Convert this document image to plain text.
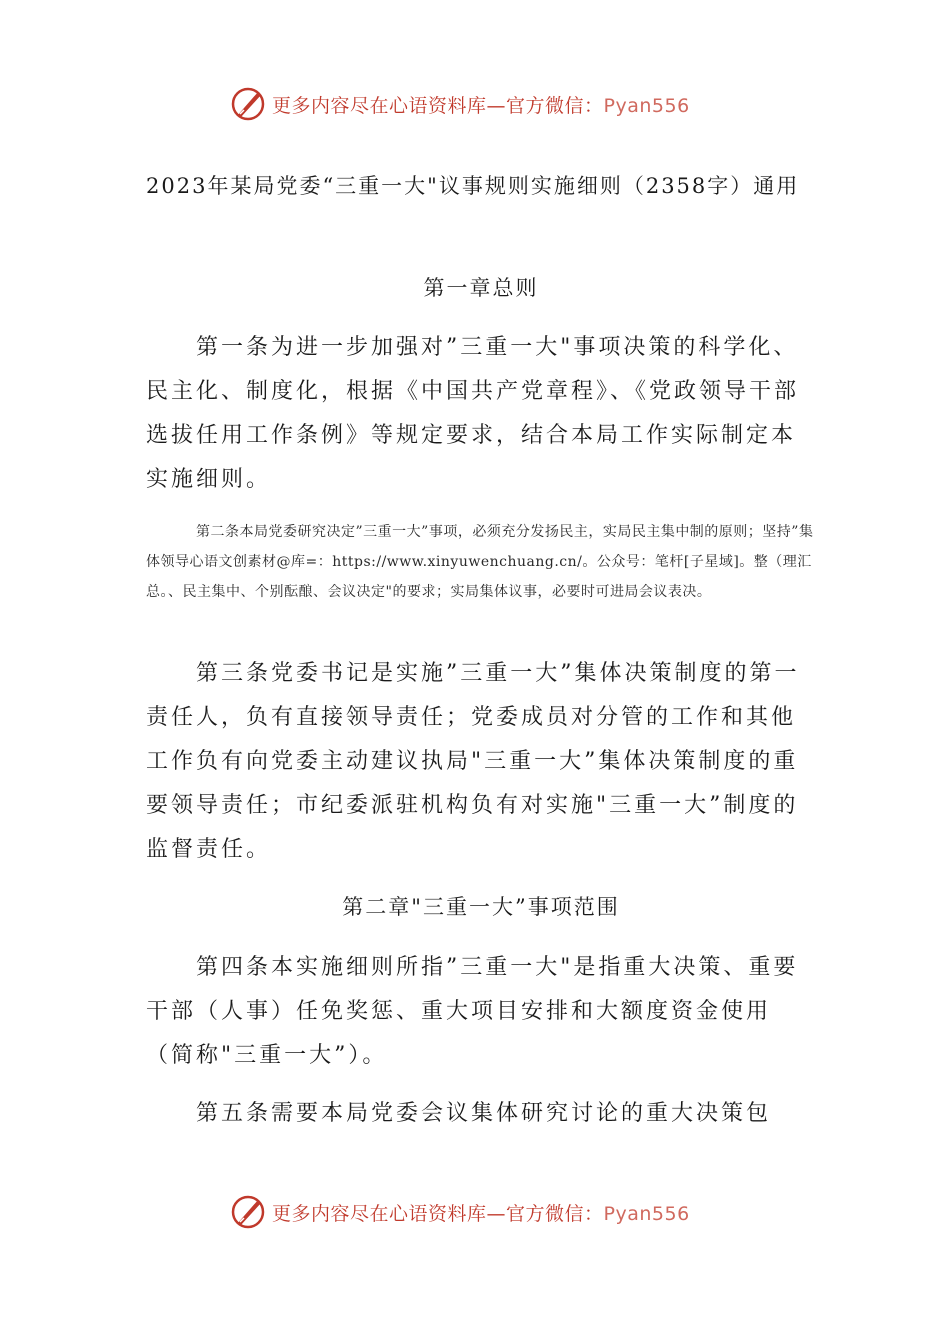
更多内容尽在心语资料库—官方微信：Pyan556
2023年某局党委“三重一大"议事规则实施细则（2358字）通用
第一章总则
第一条为进一步加强对”三重一大"事项决策的科学化、民主化、制度化，根据《中国共产党章程》、《党政领导干部选拔任用工作条例》等规定要求，结合本局工作实际制定本实施细则。
第二条本局党委研究决定”三重一大”事项，必须充分发扬民主，实局民主集中制的原则；坚持”集体领导心语文创素材@库=：https://www.xinyuwenchuang.cn/。公众号：笔杆[子星域]。整（理汇总。、民主集中、个别酝酿、会议决定"的要求；实局集体议事，必要时可进局会议表决。
第三条党委书记是实施”三重一大”集体决策制度的第一责任人，负有直接领导责任；党委成员对分管的工作和其他工作负有向党委主动建议执局"三重一大”集体决策制度的重要领导责任；市纪委派驻机构负有对实施"三重一大”制度的监督责任。
第二章"三重一大”事项范围
第四条本实施细则所指”三重一大"是指重大决策、重要干部（人事）任免奖惩、重大项目安排和大额度资金使用（简称"三重一大”）。
第五条需要本局党委会议集体研究讨论的重大决策包
更多内容尽在心语资料库—官方微信：Pyan556
